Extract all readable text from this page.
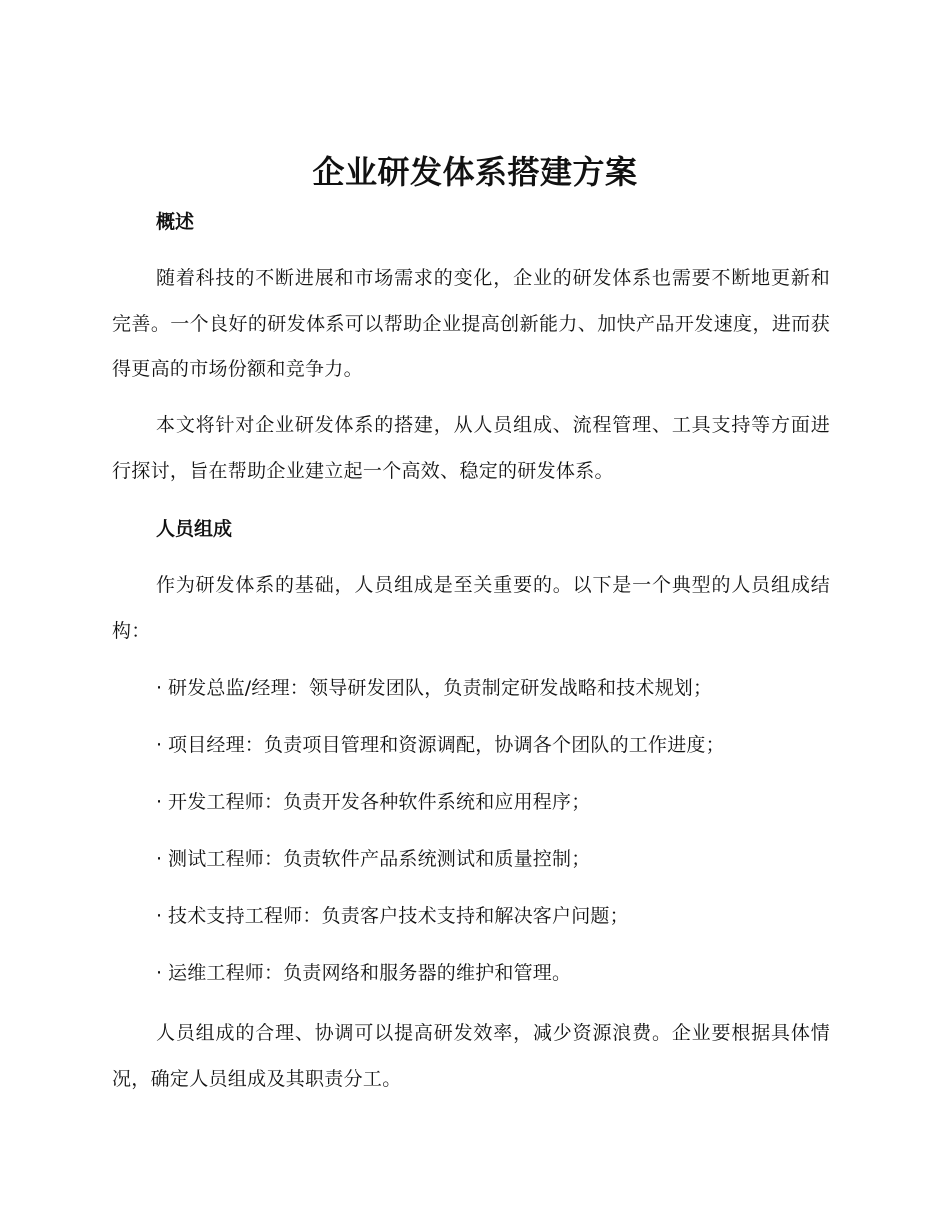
企业研发体系搭建方案
概述

随着科技的不断进展和市场需求的变化，企业的研发体系也需要不断地更新和完善。一个良好的研发体系可以帮助企业提高创新能力、加快产品开发速度，进而获得更高的市场份额和竞争力。

本文将针对企业研发体系的搭建，从人员组成、流程管理、工具支持等方面进行探讨，旨在帮助企业建立起一个高效、稳定的研发体系。

人员组成

作为研发体系的基础，人员组成是至关重要的。以下是一个典型的人员组成结构：

· 研发总监/经理：领导研发团队，负责制定研发战略和技术规划；
· 项目经理：负责项目管理和资源调配，协调各个团队的工作进度；
· 开发工程师：负责开发各种软件系统和应用程序；
· 测试工程师：负责软件产品系统测试和质量控制；
· 技术支持工程师：负责客户技术支持和解决客户问题；
· 运维工程师：负责网络和服务器的维护和管理。

人员组成的合理、协调可以提高研发效率，减少资源浪费。企业要根据具体情况，确定人员组成及其职责分工。
